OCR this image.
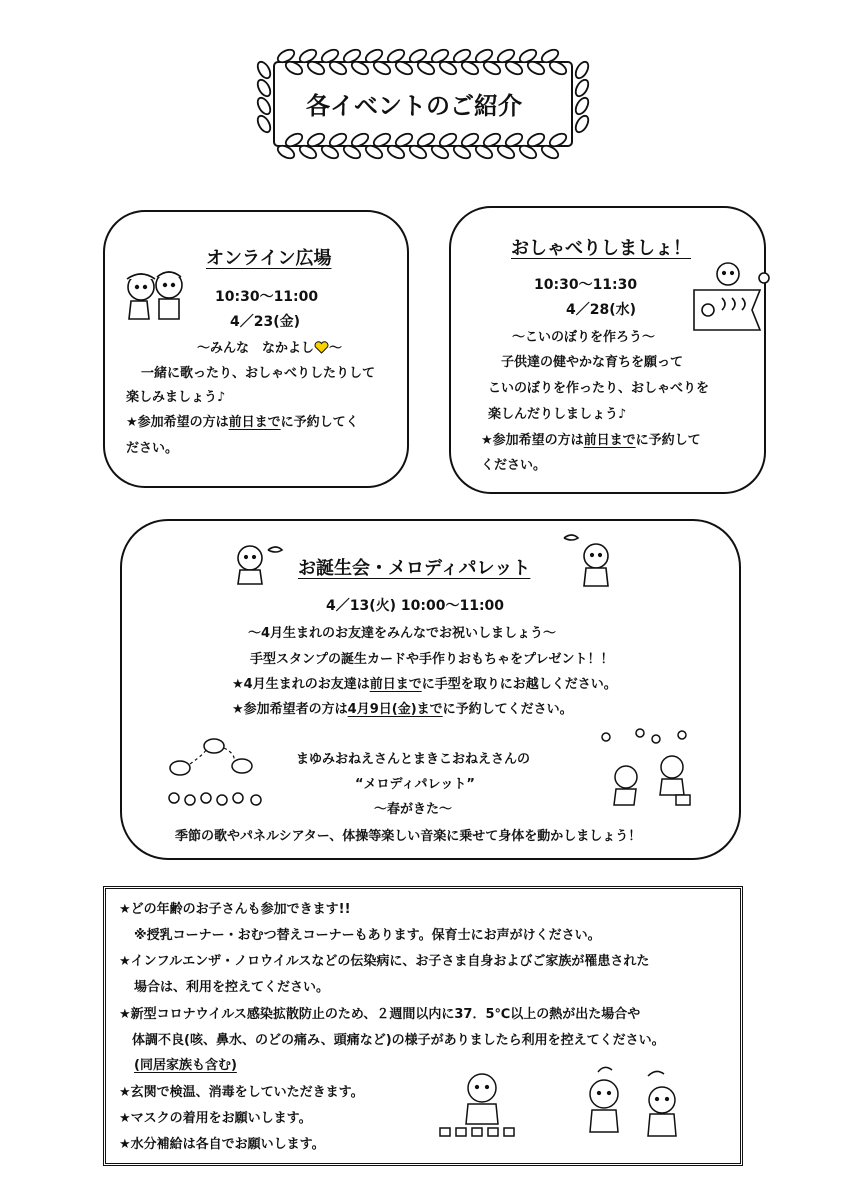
各イベントのご紹介
オンライン広場
10:30〜11:00
4／23(金)
〜みんな　なかよし 〜
一緒に歌ったり、おしゃべりしたりして
楽しみましょう♪
★参加希望の方は前日までに予約してく
ださい。
おしゃべりしましょ！
10:30〜11:30
4／28(水)
〜こいのぼりを作ろう〜
子供達の健やかな育ちを願って
こいのぼりを作ったり、おしゃべりを
楽しんだりしましょう♪
★参加希望の方は前日までに予約して
ください。
お誕生会・メロディパレット
4／13(火) 10:00〜11:00
〜4月生まれのお友達をみんなでお祝いしましょう〜
手型スタンプの誕生カードや手作りおもちゃをプレゼント！！
★4月生まれのお友達は前日までに手型を取りにお越しください。
★参加希望者の方は4月9日(金)までに予約してください。
まゆみおねえさんとまきこおねえさんの
“メロディパレット”
〜春がきた〜
季節の歌やパネルシアター、体操等楽しい音楽に乗せて身体を動かしましょう！
★どの年齢のお子さんも参加できます!!
※授乳コーナー・おむつ替えコーナーもあります。保育士にお声がけください。
★インフルエンザ・ノロウイルスなどの伝染病に、お子さま自身およびご家族が罹患された
場合は、利用を控えてください。
★新型コロナウイルス感染拡散防止のため、２週間以内に37．5℃以上の熱が出た場合や
体調不良(咳、鼻水、のどの痛み、頭痛など)の様子がありましたら利用を控えてください。
(同居家族も含む)
★玄関で検温、消毒をしていただきます。
★マスクの着用をお願いします。
★水分補給は各自でお願いします。
